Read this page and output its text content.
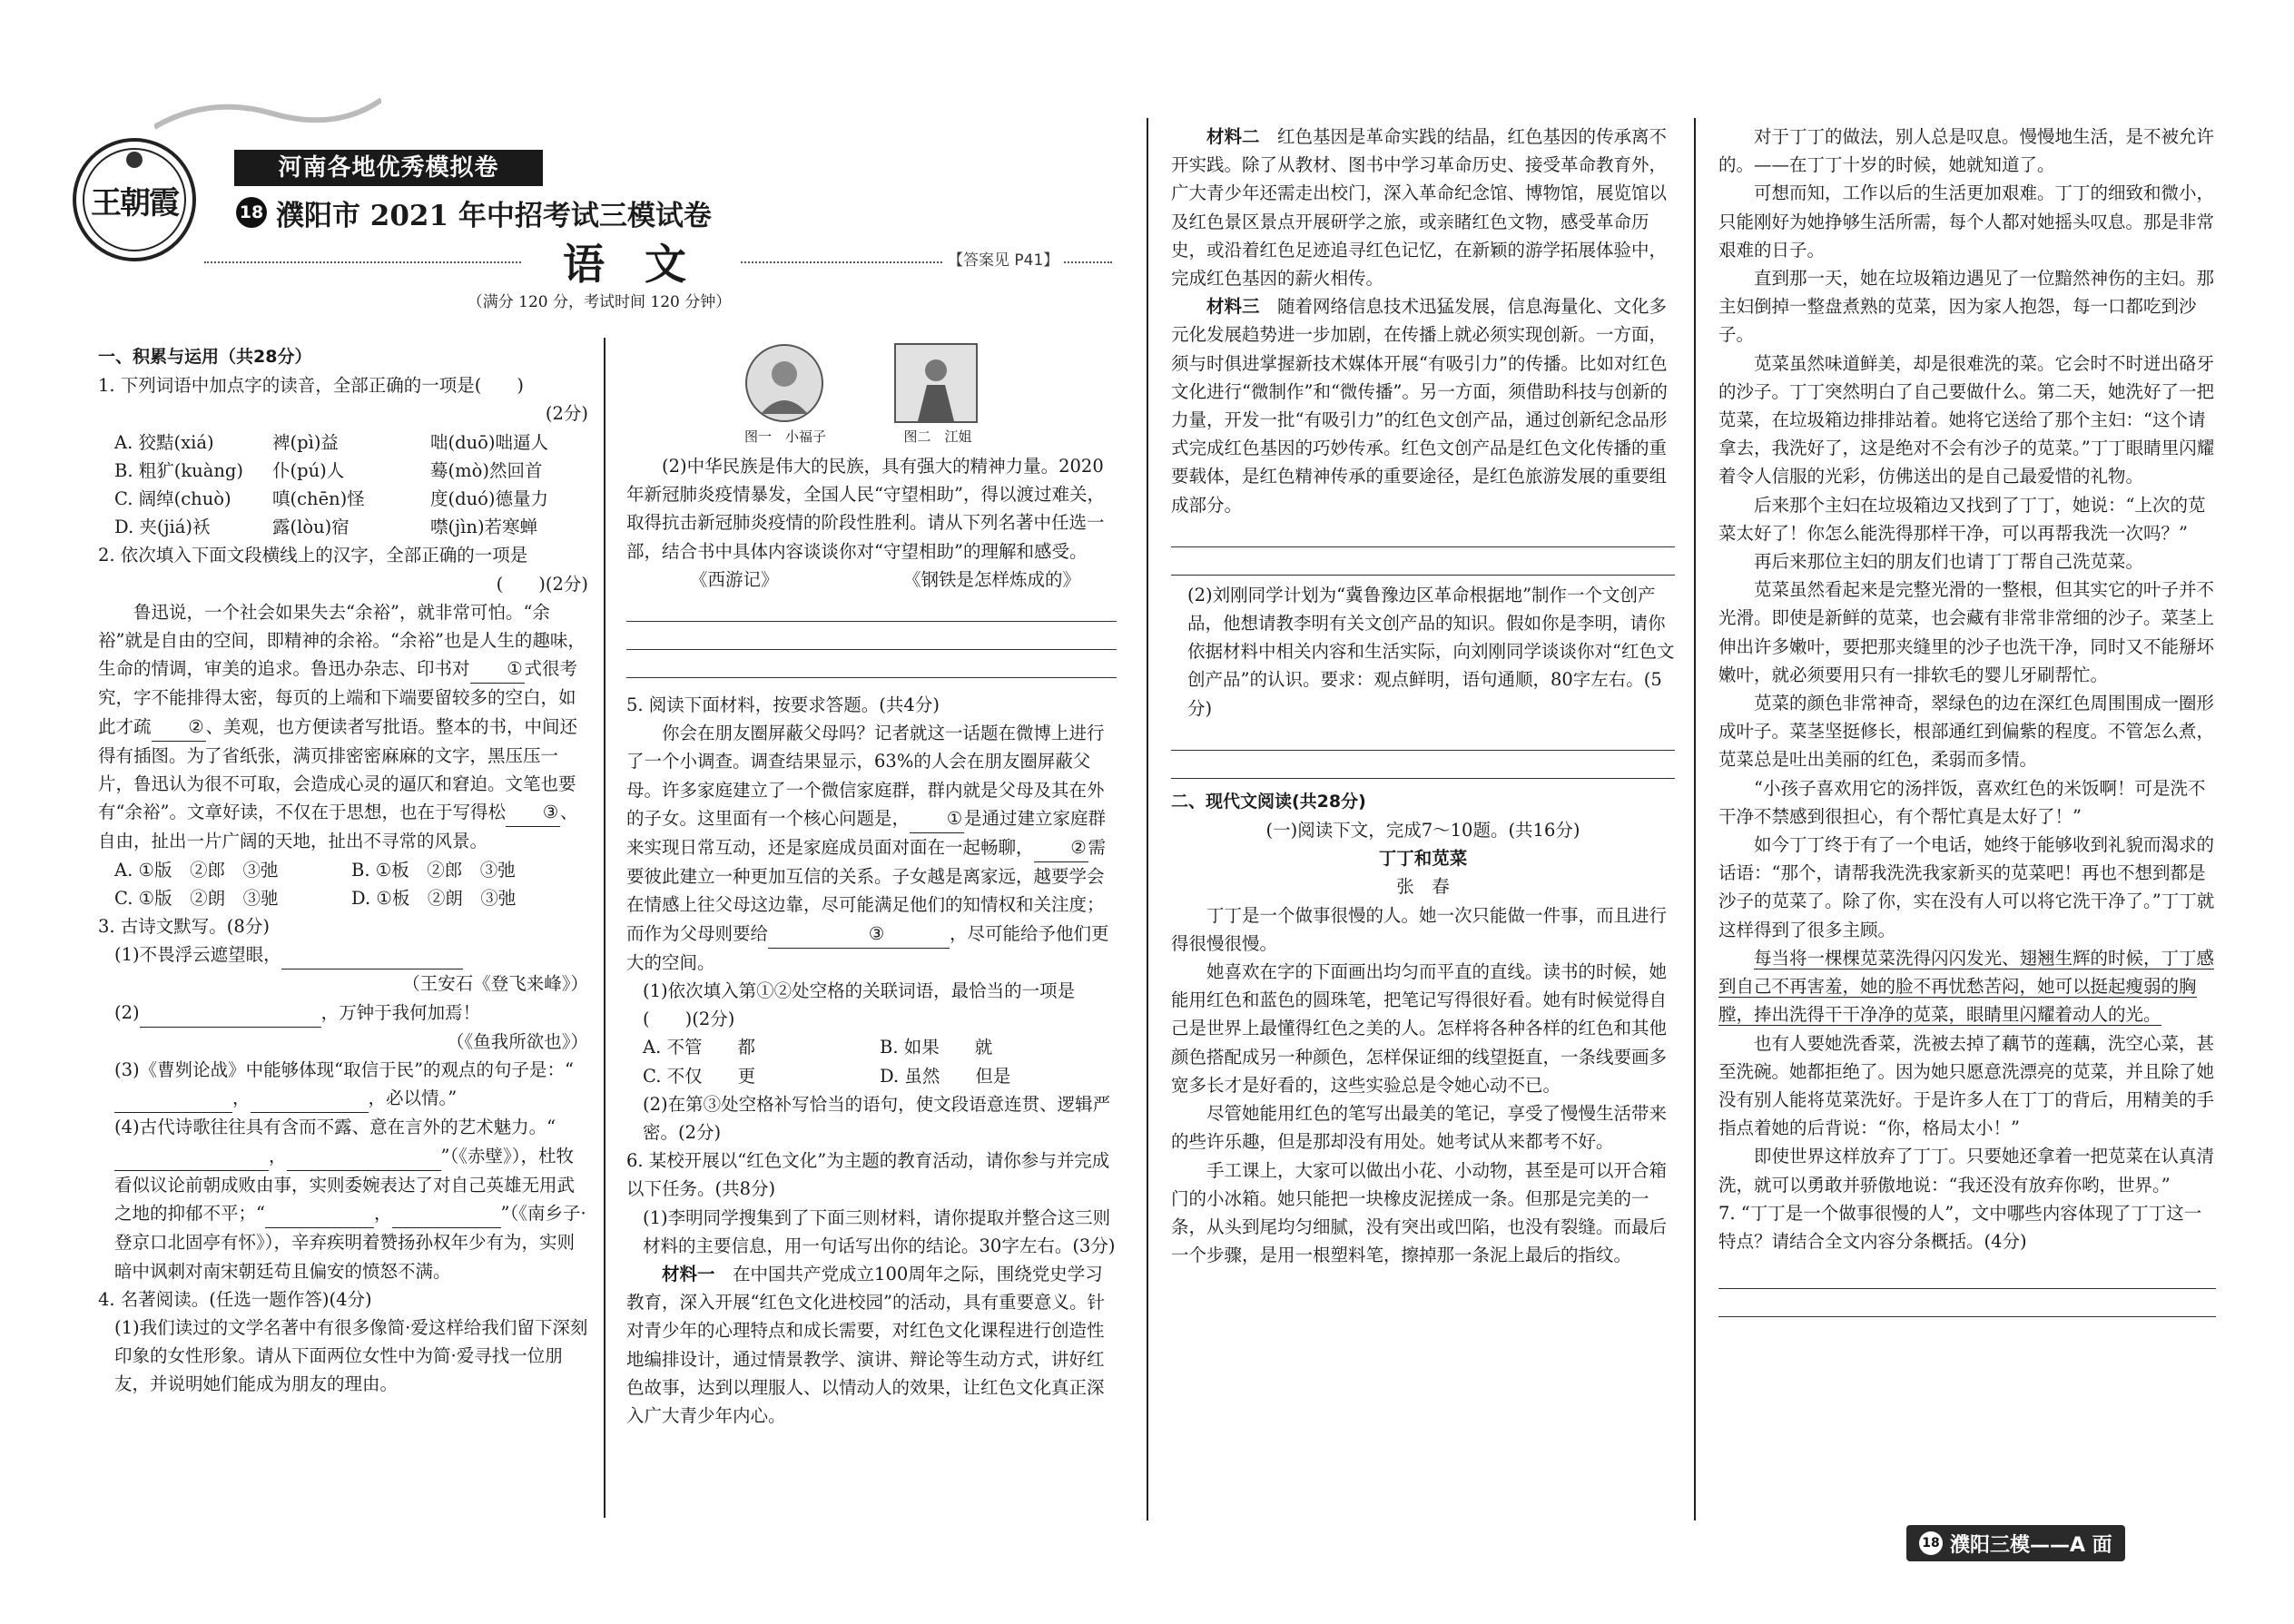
王朝霞
河南各地优秀模拟卷
18 濮阳市 2021 年中招考试三模试卷
语 文	【答案见 P41】
（满分 120 分，考试时间 120 分钟）

一、积累与运用（共28分）

1. 下列词语中加点字的读音，全部正确的一项是(　　)

(2分)

A. 狡黠(xiá)	裨(pì)益	咄(duō)咄逼人
B. 粗犷(kuàng)	仆(pú)人	蓦(mò)然回首
C. 阔绰(chuò)	嗔(chēn)怪	度(duó)德量力
D. 夹(jiá)袄	露(lòu)宿	噤(jìn)若寒蝉

2. 依次填入下面文段横线上的汉字，全部正确的一项是

(　　)(2分)

鲁迅说，一个社会如果失去“余裕”，就非常可怕。“余裕”就是自由的空间，即精神的余裕。“余裕”也是人生的趣味，生命的情调，审美的追求。鲁迅办杂志、印书对 ①式很考究，字不能排得太密，每页的上端和下端要留较多的空白，如此才疏 ②、美观，也方便读者写批语。整本的书，中间还得有插图。为了省纸张，满页排密密麻麻的文字，黑压压一片，鲁迅认为很不可取，会造成心灵的逼仄和窘迫。文笔也要有“余裕”。文章好读，不仅在于思想，也在于写得松 ③、自由，扯出一片广阔的天地，扯出不寻常的风景。

A. ①版　②郎　③弛	B. ①板　②郎　③弛
C. ①版　②朗　③驰	D. ①板　②朗　③弛

3. 古诗文默写。(8分)

(1)不畏浮云遮望眼，

（王安石《登飞来峰》）

(2)	，万钟于我何加焉！

（《鱼我所欲也》）

(3)《曹刿论战》中能够体现“取信于民”的观点的句子是：“ ，	，必以情。”

(4)古代诗歌往往具有含而不露、意在言外的艺术魅力。“ ，	”（《赤壁》），杜牧看似议论前朝成败由事，实则委婉表达了对自己英雄无用武之地的抑郁不平；“	，	”（《南乡子·登京口北固亭有怀》），辛弃疾明着赞扬孙权年少有为，实则暗中讽刺对南宋朝廷苟且偏安的愤怒不满。

4. 名著阅读。(任选一题作答)(4分)

(1)我们读过的文学名著中有很多像简·爱这样给我们留下深刻印象的女性形象。请从下面两位女性中为简·爱寻找一位朋友，并说明她们能成为朋友的理由。

图一　小福子	图二　江姐

(2)中华民族是伟大的民族，具有强大的精神力量。2020年新冠肺炎疫情暴发，全国人民“守望相助”，得以渡过难关，取得抗击新冠肺炎疫情的阶段性胜利。请从下列名著中任选一部，结合书中具体内容谈谈你对“守望相助”的理解和感受。

《西游记》	《钢铁是怎样炼成的》

5. 阅读下面材料，按要求答题。(共4分)

你会在朋友圈屏蔽父母吗？记者就这一话题在微博上进行了一个小调查。调查结果显示，63%的人会在朋友圈屏蔽父母。许多家庭建立了一个微信家庭群，群内就是父母及其在外的子女。这里面有一个核心问题是， ①是通过建立家庭群来实现日常互动，还是家庭成员面对面在一起畅聊， ②需要彼此建立一种更加互信的关系。子女越是离家远，越要学会在情感上往父母这边靠，尽可能满足他们的知情权和关注度；而作为父母则要给	③	，尽可能给予他们更大的空间。

(1)依次填入第①②处空格的关联词语，最恰当的一项是(　　)(2分)

A. 不管　　都	B. 如果　　就
C. 不仅　　更	D. 虽然　　但是

(2)在第③处空格补写恰当的语句，使文段语意连贯、逻辑严密。(2分)

6. 某校开展以“红色文化”为主题的教育活动，请你参与并完成以下任务。(共8分)

(1)李明同学搜集到了下面三则材料，请你提取并整合这三则材料的主要信息，用一句话写出你的结论。30字左右。(3分)

材料一　 在中国共产党成立100周年之际，围绕党史学习教育，深入开展“红色文化进校园”的活动，具有重要意义。针对青少年的心理特点和成长需要，对红色文化课程进行创造性地编排设计，通过情景教学、演讲、辩论等生动方式，讲好红色故事，达到以理服人、以情动人的效果，让红色文化真正深入广大青少年内心。

材料二　 红色基因是革命实践的结晶，红色基因的传承离不开实践。除了从教材、图书中学习革命历史、接受革命教育外，广大青少年还需走出校门，深入革命纪念馆、博物馆，展览馆以及红色景区景点开展研学之旅，或亲睹红色文物，感受革命历史，或沿着红色足迹追寻红色记忆，在新颖的游学拓展体验中，完成红色基因的薪火相传。

材料三　 随着网络信息技术迅猛发展，信息海量化、文化多元化发展趋势进一步加剧，在传播上就必须实现创新。一方面，须与时俱进掌握新技术媒体开展“有吸引力”的传播。比如对红色文化进行“微制作”和“微传播”。另一方面，须借助科技与创新的力量，开发一批“有吸引力”的红色文创产品，通过创新纪念品形式完成红色基因的巧妙传承。红色文创产品是红色文化传播的重要载体，是红色精神传承的重要途径，是红色旅游发展的重要组成部分。

(2)刘刚同学计划为“冀鲁豫边区革命根据地”制作一个文创产品，他想请教李明有关文创产品的知识。假如你是李明，请你依据材料中相关内容和生活实际，向刘刚同学谈谈你对“红色文创产品”的认识。要求：观点鲜明，语句通顺，80字左右。(5分)

二、现代文阅读(共28分)

(一)阅读下文，完成7～10题。(共16分)

丁丁和苋菜

张　春

丁丁是一个做事很慢的人。她一次只能做一件事，而且进行得很慢很慢。

她喜欢在字的下面画出均匀而平直的直线。读书的时候，她能用红色和蓝色的圆珠笔，把笔记写得很好看。她有时候觉得自己是世界上最懂得红色之美的人。怎样将各种各样的红色和其他颜色搭配成另一种颜色，怎样保证细的线望挺直，一条线要画多宽多长才是好看的，这些实验总是令她心动不已。

尽管她能用红色的笔写出最美的笔记，享受了慢慢生活带来的些许乐趣，但是那却没有用处。她考试从来都考不好。

手工课上，大家可以做出小花、小动物，甚至是可以开合箱门的小冰箱。她只能把一块橡皮泥搓成一条。但那是完美的一条，从头到尾均匀细腻，没有突出或凹陷，也没有裂缝。而最后一个步骤，是用一根塑料笔，擦掉那一条泥上最后的指纹。

对于丁丁的做法，别人总是叹息。慢慢地生活，是不被允许的。——在丁丁十岁的时候，她就知道了。

可想而知，工作以后的生活更加艰难。丁丁的细致和微小，只能刚好为她挣够生活所需，每个人都对她摇头叹息。那是非常艰难的日子。

直到那一天，她在垃圾箱边遇见了一位黯然神伤的主妇。那主妇倒掉一整盘煮熟的苋菜，因为家人抱怨，每一口都吃到沙子。

苋菜虽然味道鲜美，却是很难洗的菜。它会时不时迸出硌牙的沙子。丁丁突然明白了自己要做什么。第二天，她洗好了一把苋菜，在垃圾箱边排排站着。她将它送给了那个主妇：“这个请拿去，我洗好了，这是绝对不会有沙子的苋菜。”丁丁眼睛里闪耀着令人信服的光彩，仿佛送出的是自己最爱惜的礼物。

后来那个主妇在垃圾箱边又找到了丁丁，她说：“上次的苋菜太好了！你怎么能洗得那样干净，可以再帮我洗一次吗？”

再后来那位主妇的朋友们也请丁丁帮自己洗苋菜。

苋菜虽然看起来是完整光滑的一整根，但其实它的叶子并不光滑。即使是新鲜的苋菜，也会藏有非常非常细的沙子。菜茎上伸出许多嫩叶，要把那夹缝里的沙子也洗干净，同时又不能掰坏嫩叶，就必须要用只有一排软毛的婴儿牙刷帮忙。

苋菜的颜色非常神奇，翠绿色的边在深红色周围围成一圈形成叶子。菜茎坚挺修长，根部通红到偏紫的程度。不管怎么煮，苋菜总是吐出美丽的红色，柔弱而多情。

“小孩子喜欢用它的汤拌饭，喜欢红色的米饭啊！可是洗不干净不禁感到很担心，有个帮忙真是太好了！”

如今丁丁终于有了一个电话，她终于能够收到礼貌而渴求的话语：“那个，请帮我洗洗我家新买的苋菜吧！再也不想到都是沙子的苋菜了。除了你，实在没有人可以将它洗干净了。”丁丁就这样得到了很多主顾。

每当将一棵棵苋菜洗得闪闪发光、翅翘生辉的时候，丁丁感到自己不再害羞，她的脸不再忧愁苦闷，她可以挺起瘦弱的胸膛，捧出洗得干干净净的苋菜，眼睛里闪耀着动人的光。

也有人要她洗香菜，洗被去掉了藕节的莲藕，洗空心菜，甚至洗碗。她都拒绝了。因为她只愿意洗漂亮的苋菜，并且除了她没有别人能将苋菜洗好。于是许多人在丁丁的背后，用精美的手指点着她的后背说：“你，格局太小！”

即使世界这样放弃了丁丁。只要她还拿着一把苋菜在认真清洗，就可以勇敢并骄傲地说：“我还没有放弃你哟，世界。”

7. “丁丁是一个做事很慢的人”，文中哪些内容体现了丁丁这一特点？请结合全文内容分条概括。(4分)

18 濮阳三模——A 面
